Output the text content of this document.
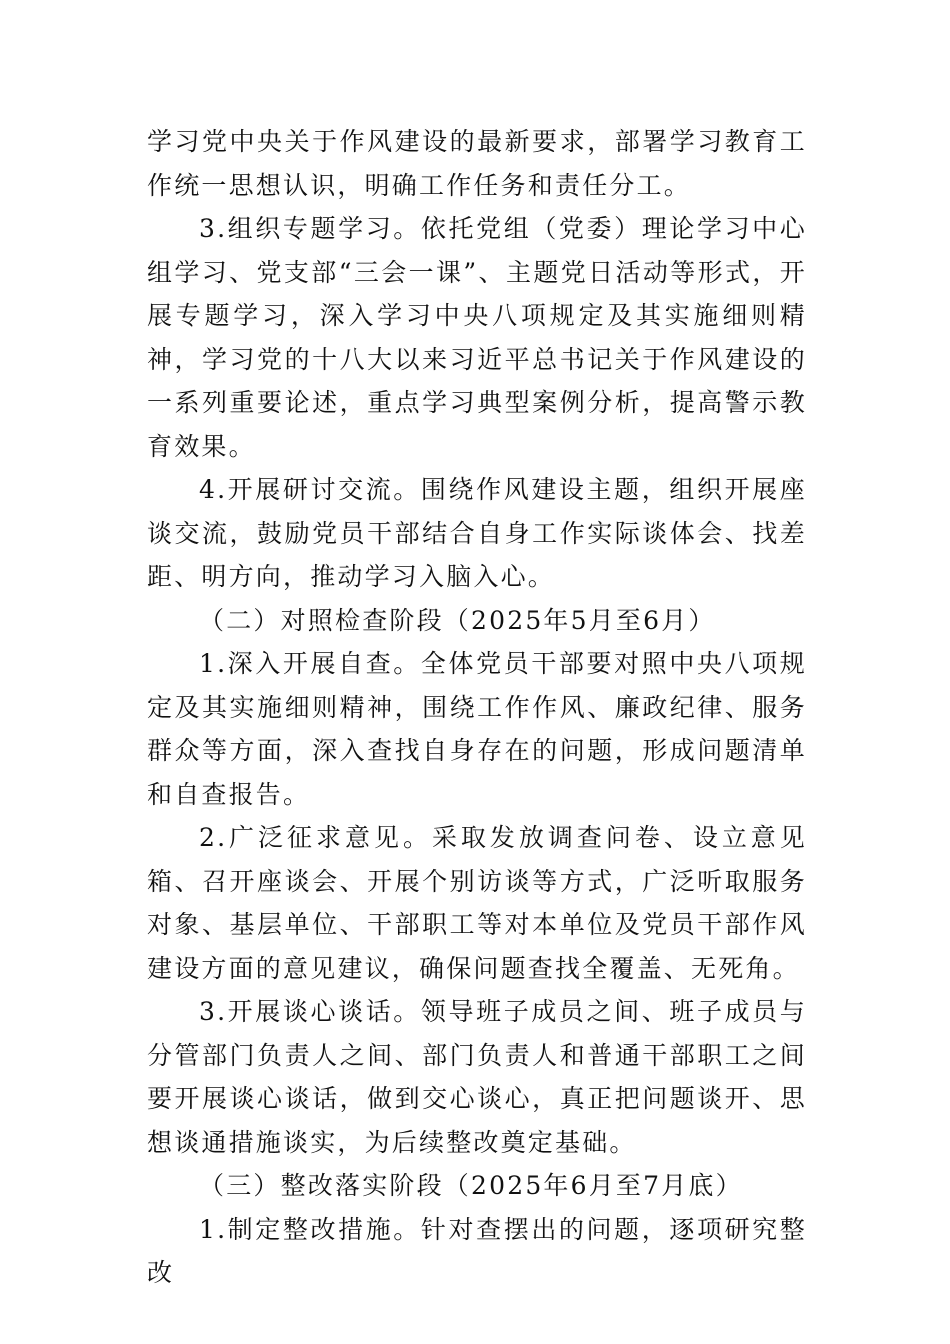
学习党中央关于作风建设的最新要求，部署学习教育工作统一思想认识，明确工作任务和责任分工。

3.组织专题学习。依托党组（党委）理论学习中心组学习、党支部“三会一课”、主题党日活动等形式，开展专题学习，深入学习中央八项规定及其实施细则精神，学习党的十八大以来习近平总书记关于作风建设的一系列重要论述，重点学习典型案例分析，提高警示教育效果。

4.开展研讨交流。围绕作风建设主题，组织开展座谈交流，鼓励党员干部结合自身工作实际谈体会、找差距、明方向，推动学习入脑入心。

（二）对照检查阶段（2025年5月至6月）

1.深入开展自查。全体党员干部要对照中央八项规定及其实施细则精神，围绕工作作风、廉政纪律、服务群众等方面，深入查找自身存在的问题，形成问题清单和自查报告。

2.广泛征求意见。采取发放调查问卷、设立意见箱、召开座谈会、开展个别访谈等方式，广泛听取服务对象、基层单位、干部职工等对本单位及党员干部作风建设方面的意见建议，确保问题查找全覆盖、无死角。

3.开展谈心谈话。领导班子成员之间、班子成员与分管部门负责人之间、部门负责人和普通干部职工之间要开展谈心谈话，做到交心谈心，真正把问题谈开、思想谈通措施谈实，为后续整改奠定基础。

（三）整改落实阶段（2025年6月至7月底）

1.制定整改措施。针对查摆出的问题，逐项研究整改
